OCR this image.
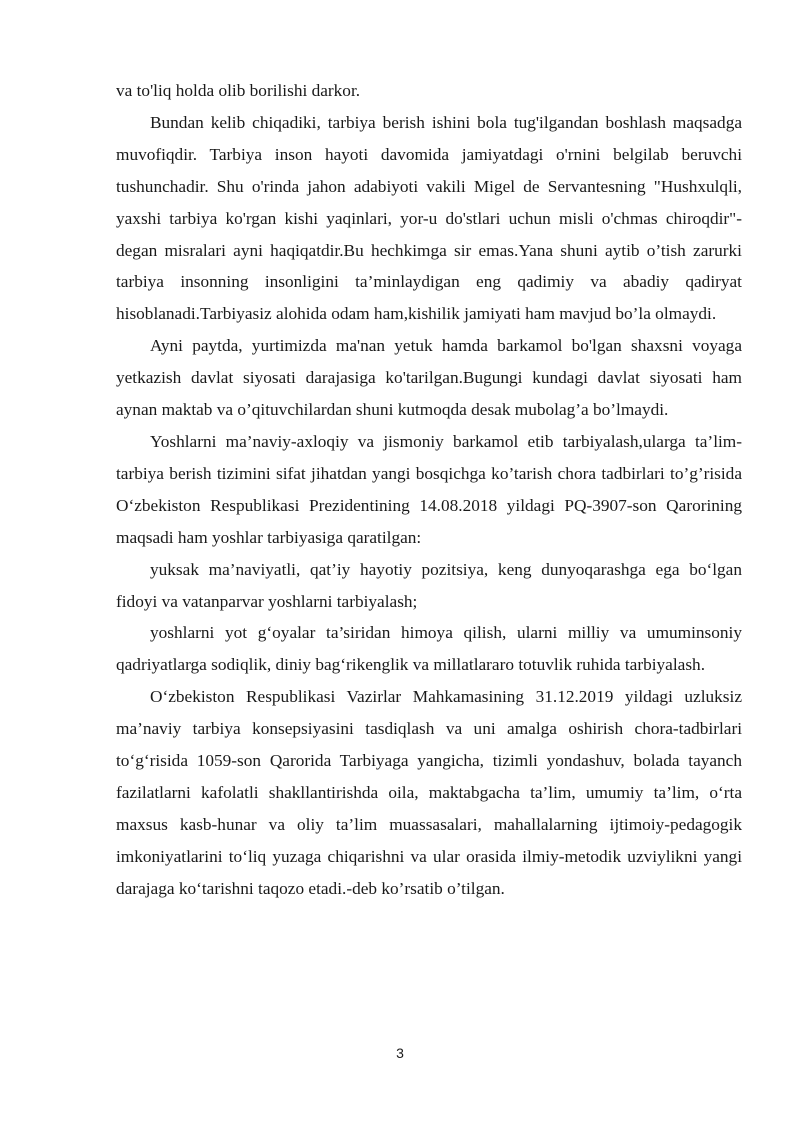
va to'liq holda olib borilishi darkor.

Bundan kelib chiqadiki, tarbiya berish ishini bola tug'ilgandan boshlash maqsadga muvofiqdir. Tarbiya inson hayoti davomida jamiyatdagi o'rnini belgilab beruvchi tushunchadir. Shu o'rinda jahon adabiyoti vakili Migel de Servantesning "Hushxulqli, yaxshi tarbiya ko'rgan kishi yaqinlari, yor-u do'stlari uchun misli o'chmas chiroqdir"-degan misralari ayni haqiqatdir.Bu hechkimga sir emas.Yana shuni aytib o’tish zarurki tarbiya insonning insonligini ta’minlaydigan eng qadimiy va abadiy qadiryat hisoblanadi.Tarbiyasiz alohida odam ham,kishilik jamiyati ham mavjud bo’la olmaydi.

Ayni paytda, yurtimizda ma'nan yetuk hamda barkamol bo'lgan shaxsni voyaga yetkazish davlat siyosati darajasiga ko'tarilgan.Bugungi kundagi davlat siyosati ham aynan maktab va o’qituvchilardan shuni kutmoqda desak mubolag’a bo’lmaydi.

Yoshlarni ma’naviy-axloqiy va jismoniy barkamol etib tarbiyalash,ularga ta’lim-tarbiya berish tizimini sifat jihatdan yangi bosqichga ko’tarish chora tadbirlari to’g’risida O‘zbekiston Respublikasi Prezidentining 14.08.2018 yildagi PQ-3907-son Qarorining maqsadi ham yoshlar tarbiyasiga qaratilgan:

yuksak ma’naviyatli, qat’iy hayotiy pozitsiya, keng dunyoqarashga ega bo‘lgan fidoyi va vatanparvar yoshlarni tarbiyalash;

yoshlarni yot g‘oyalar ta’siridan himoya qilish, ularni milliy va umuminsoniy qadriyatlarga sodiqlik, diniy bag‘rikenglik va millatlararo totuvlik ruhida tarbiyalash.

O‘zbekiston Respublikasi Vazirlar Mahkamasining 31.12.2019 yildagi uzluksiz ma’naviy tarbiya konsepsiyasini tasdiqlash va uni amalga oshirish chora-tadbirlari to‘g‘risida 1059-son Qarorida Tarbiyaga yangicha, tizimli yondashuv, bolada tayanch fazilatlarni kafolatli shakllantirishda oila, maktabgacha ta’lim, umumiy ta’lim, o‘rta maxsus kasb-hunar va oliy ta’lim muassasalari, mahallalarning ijtimoiy-pedagogik imkoniyatlarini to‘liq yuzaga chiqarishni va ular orasida ilmiy-metodik uzviylikni yangi darajaga ko‘tarishni taqozo etadi.-deb ko’rsatib o’tilgan.

3
